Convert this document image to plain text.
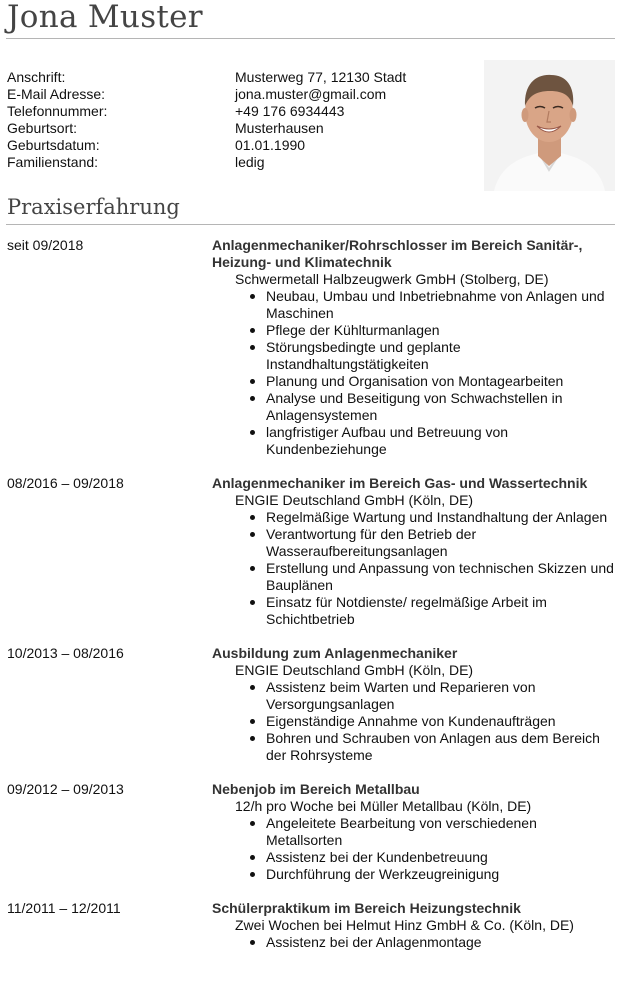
Jona Muster
Anschrift:	Musterweg 77, 12130 Stadt
E-Mail Adresse:	jona.muster@gmail.com
Telefonnummer:	+49 176 6934443
Geburtsort:	Musterhausen
Geburtsdatum:	01.01.1990
Familienstand:	ledig
Praxiserfahrung
seit 09/2018	Anlagenmechaniker/Rohrschlosser im Bereich Sanitär-, Heizung- und Klimatechnik
Schwermetall Halbzeugwerk GmbH (Stolberg, DE)
Neubau, Umbau und Inbetriebnahme von Anlagen und Maschinen
Pflege der Kühlturmanlagen
Störungsbedingte und geplante Instandhaltungstätigkeiten
Planung und Organisation von Montagearbeiten
Analyse und Beseitigung von Schwachstellen in Anlagensystemen
langfristiger Aufbau und Betreuung von Kundenbeziehunge
08/2016 – 09/2018	Anlagenmechaniker im Bereich Gas- und Wassertechnik
ENGIE Deutschland GmbH (Köln, DE)
Regelmäßige Wartung und Instandhaltung der Anlagen
Verantwortung für den Betrieb der Wasseraufbereitungsanlagen
Erstellung und Anpassung von technischen Skizzen und Bauplänen
Einsatz für Notdienste/ regelmäßige Arbeit im Schichtbetrieb
10/2013 – 08/2016	Ausbildung zum Anlagenmechaniker
ENGIE Deutschland GmbH (Köln, DE)
Assistenz beim Warten und Reparieren von Versorgungsanlagen
Eigenständige Annahme von Kundenaufträgen
Bohren und Schrauben von Anlagen aus dem Bereich der Rohrsysteme
09/2012 – 09/2013	Nebenjob im Bereich Metallbau
12/h pro Woche bei Müller Metallbau (Köln, DE)
Angeleitete Bearbeitung von verschiedenen Metallsorten
Assistenz bei der Kundenbetreuung
Durchführung der Werkzeugreinigung
11/2011 – 12/2011	Schülerpraktikum im Bereich Heizungstechnik
Zwei Wochen bei Helmut Hinz GmbH & Co. (Köln, DE)
Assistenz bei der Anlagenmontage
